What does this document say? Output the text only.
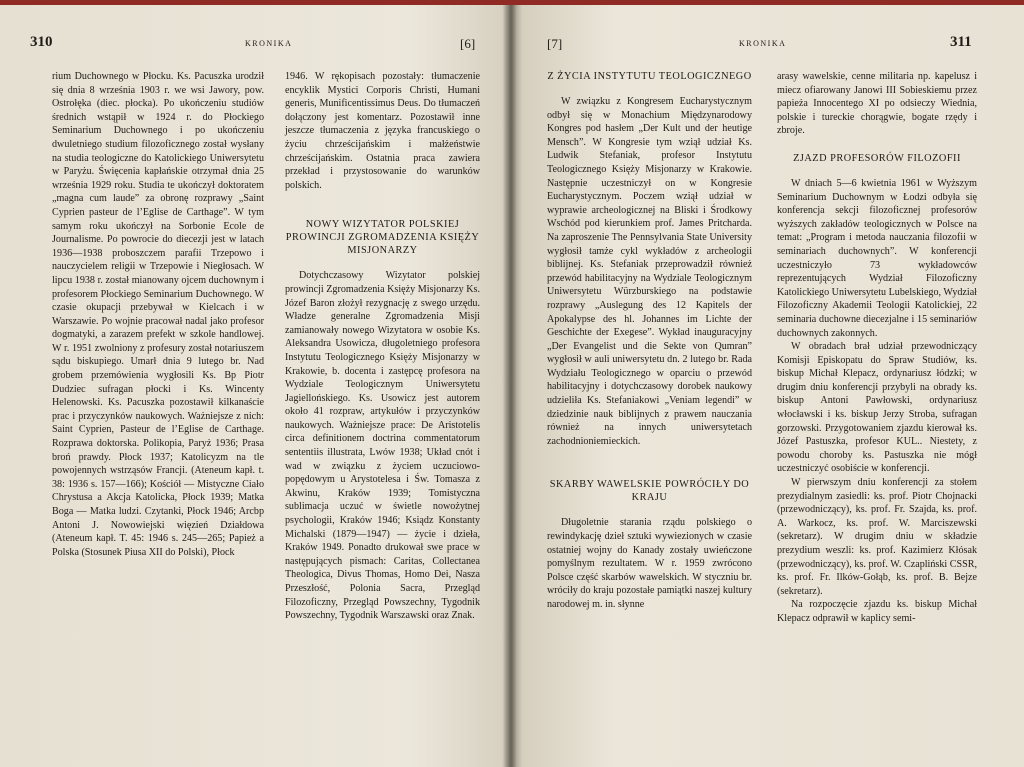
310	KRONIKA	[6]

rium Duchownego w Płocku. Ks. Pacuszka urodził się dnia 8 września 1903 r. we wsi Jawory, pow. Ostrołęka (diec. płocka). Po ukończeniu studiów średnich wstąpił w 1924 r. do Płockiego Seminarium Duchownego i po ukończeniu dwuletniego studium filozoficznego został wysłany na studia teologiczne do Katolickiego Uniwersytetu w Paryżu. Święcenia kapłańskie otrzymał dnia 25 września 1929 roku. Studia te ukończył doktoratem „magna cum laude” za obronę rozprawy „Saint Cyprien pasteur de l’Eglise de Carthage”. W tym samym roku ukończył na Sorbonie Ecole de Journalisme. Po powrocie do diecezji jest w latach 1936—1938 proboszczem parafii Trzepowo i nauczycielem religii w Trzepowie i Niegłosach. W lipcu 1938 r. został mianowany ojcem duchownym i profesorem Płockiego Seminarium Duchownego. W czasie okupacji przebywał w Kielcach i w Warszawie. Po wojnie pracował nadal jako profesor dogmatyki, a zarazem prefekt w szkole handlowej. W r. 1951 zwolniony z profesury został notariuszem sądu biskupiego. Umarł dnia 9 lutego br. Nad grobem przemówienia wygłosili Ks. Bp Piotr Dudziec sufragan płocki i Ks. Wincenty Helenowski. Ks. Pacuszka pozostawił kilkanaście prac i przyczynków naukowych. Ważniejsze z nich: Saint Cyprien, Pasteur de l’Eglise de Carthage. Rozprawa doktorska. Polikopia, Paryż 1936; Prasa broń prawdy. Płock 1937; Katolicyzm na tle powojennych wstrząsów Francji. (Ateneum kapł. t. 38: 1936 s. 157—166); Kościół — Mistyczne Ciało Chrystusa a Akcja Katolicka, Płock 1939; Matka Boga — Matka ludzi. Czytanki, Płock 1946; Arcbp Antoni J. Nowowiejski więzień Działdowa (Ateneum kapł. T. 45: 1946 s. 245—265; Papież a Polska (Stosunek Piusa XII do Polski), Płock

1946. W rękopisach pozostały: tłumaczenie encyklik Mystici Corporis Christi, Humani generis, Munificentissimus Deus. Do tłumaczeń dołączony jest komentarz. Pozostawił inne jeszcze tłumaczenia z języka francuskiego o życiu chrześcijańskim i małżeństwie chrześcijańskim. Ostatnia praca zawiera przekład i przystosowanie do warunków polskich.

NOWY WIZYTATOR POLSKIEJ PROWINCJI ZGROMADZENIA KSIĘŻY MISJONARZY

Dotychczasowy Wizytator polskiej prowincji Zgromadzenia Księży Misjonarzy Ks. Józef Baron złożył rezygnację z swego urzędu. Władze generalne Zgromadzenia Misji zamianowały nowego Wizytatora w osobie Ks. Aleksandra Usowicza, długoletniego profesora Instytutu Teologicznego Księży Misjonarzy w Krakowie, b. docenta i zastępcę profesora na Wydziale Teologicznym Uniwersytetu Jagiellońskiego. Ks. Usowicz jest autorem około 41 rozpraw, artykułów i przyczynków naukowych. Ważniejsze prace: De Aristotelis circa definitionem doctrina commentatorum sententiis illustrata, Lwów 1938; Układ cnót i wad w związku z życiem uczuciowo-popędowym u Arystotelesa i Św. Tomasza z Akwinu, Kraków 1939; Tomistyczna sublimacja uczuć w świetle nowożytnej psychologii, Kraków 1946; Ksiądz Konstanty Michalski (1879—1947) — życie i dzieła, Kraków 1949. Ponadto drukował swe prace w następujących pismach: Caritas, Collectanea Theologica, Divus Thomas, Homo Dei, Nasza Przeszłość, Polonia Sacra, Przegląd Filozoficzny, Przegląd Powszechny, Tygodnik Powszechny, Tygodnik Warszawski oraz Znak.

[7]	KRONIKA	311
Z ŻYCIA INSTYTUTU TEOLOGICZNEGO

W związku z Kongresem Eucharystycznym odbył się w Monachium Międzynarodowy Kongres pod hasłem „Der Kult und der heutige Mensch”. W Kongresie tym wziął udział Ks. Ludwik Stefaniak, profesor Instytutu Teologicznego Księży Misjonarzy w Krakowie. Następnie uczestniczył on w Kongresie Eucharystycznym. Poczem wziął udział w wyprawie archeologicznej na Bliski i Środkowy Wschód pod kierunkiem prof. James Pritcharda. Na zaproszenie The Pennsylvania State University wygłosił tamże cykl wykładów z archeologii biblijnej. Ks. Stefaniak przeprowadził również przewód habilitacyjny na Wydziale Teologicznym Uniwersytetu Würzburskiego na podstawie rozprawy „Auslegung des 12 Kapitels der Apokalypse des hl. Johannes im Lichte der Geschichte der Exegese”. Wykład inauguracyjny „Der Evangelist und die Sekte von Qumran” wygłosił w auli uniwersytetu dn. 2 lutego br. Rada Wydziału Teologicznego w oparciu o przewód habilitacyjny i dotychczasowy dorobek naukowy udzieliła Ks. Stefaniakowi „Veniam legendi” w dziedzinie nauk biblijnych z prawem nauczania również na innych uniwersytetach zachodnioniemieckich.

SKARBY WAWELSKIE POWRÓCIŁY DO KRAJU

Długoletnie starania rządu polskiego o rewindykację dzieł sztuki wywiezionych w czasie ostatniej wojny do Kanady zostały uwieńczone pomyślnym rezultatem. W r. 1959 zwrócono Polsce część skarbów wawelskich. W styczniu br. wróciły do kraju pozostałe pamiątki naszej kultury narodowej m. in. słynne

arasy wawelskie, cenne militaria np. kapelusz i miecz ofiarowany Janowi III Sobieskiemu przez papieża Innocentego XI po odsieczy Wiednia, polskie i tureckie chorągwie, bogate rzędy i zbroje.

ZJAZD PROFESORÓW FILOZOFII

W dniach 5—6 kwietnia 1961 w Wyższym Seminarium Duchownym w Łodzi odbyła się konferencja sekcji filozoficznej profesorów wyższych zakładów teologicznych w Polsce na temat: „Program i metoda nauczania filozofii w seminariach duchownych”. W konferencji uczestniczyło 73 wykładowców reprezentujących Wydział Filozoficzny Katolickiego Uniwersytetu Lubelskiego, Wydział Filozoficzny Akademii Teologii Katolickiej, 22 seminaria duchowne diecezjalne i 15 seminariów duchownych zakonnych.

W obradach brał udział przewodniczący Komisji Episkopatu do Spraw Studiów, ks. biskup Michał Klepacz, ordynariusz łódzki; w drugim dniu konferencji przybyli na obrady ks. biskup Antoni Pawłowski, ordynariusz włocławski i ks. biskup Jerzy Stroba, sufragan gorzowski. Przygotowaniem zjazdu kierował ks. Józef Pastuszka, profesor KUL.. Niestety, z powodu choroby ks. Pastuszka nie mógł uczestniczyć osobiście w konferencji.

W pierwszym dniu konferencji za stołem prezydialnym zasiedli: ks. prof. Piotr Chojnacki (przewodniczący), ks. prof. Fr. Szajda, ks. prof. A. Warkocz, ks. prof. W. Marciszewski (sekretarz). W drugim dniu w składzie prezydium weszli: ks. prof. Kazimierz Kłósak (przewodniczący), ks. prof. W. Czapliński CSSR, ks. prof. Fr. Ilków-Gołąb, ks. prof. B. Bejze (sekretarz).

Na rozpoczęcie zjazdu ks. biskup Michał Klepacz odprawił w kaplicy semi-
